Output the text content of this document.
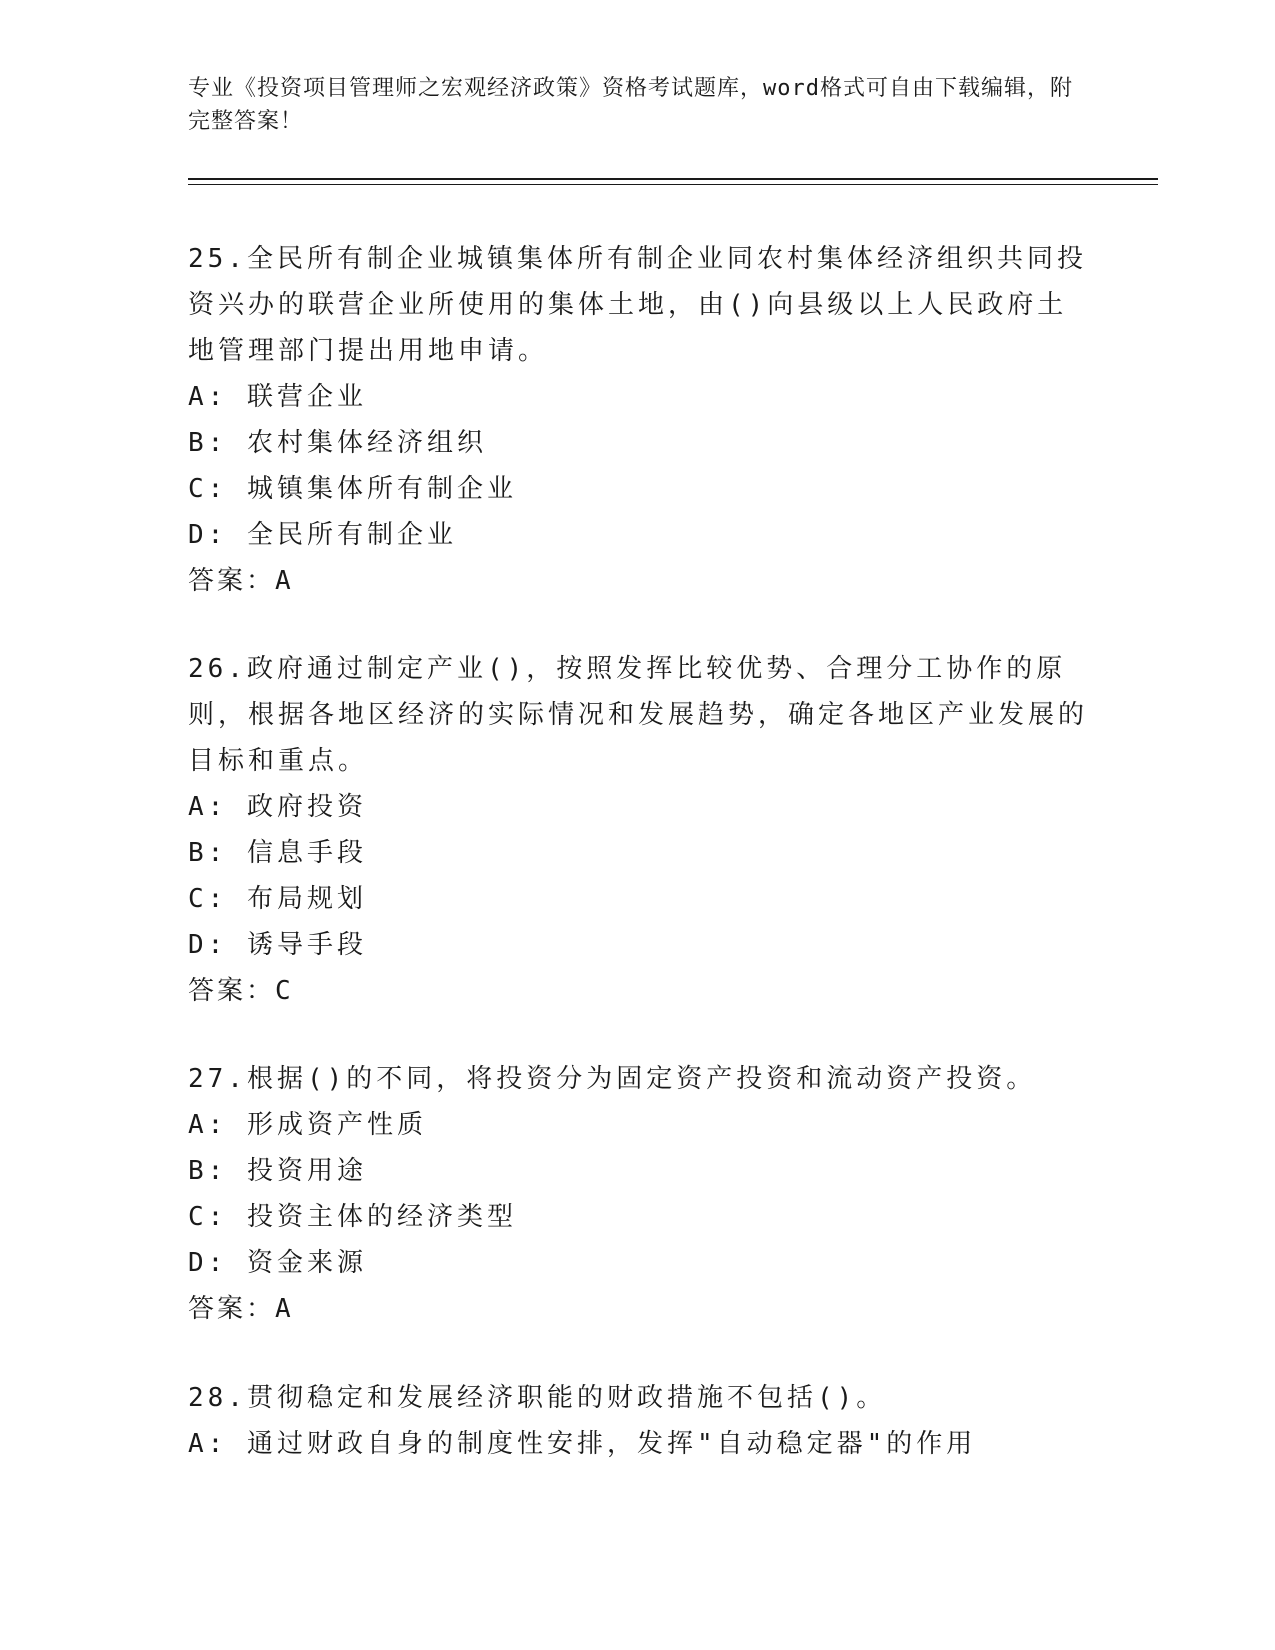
专业《投资项目管理师之宏观经济政策》资格考试题库，word格式可自由下载编辑，附完整答案！

25.全民所有制企业城镇集体所有制企业同农村集体经济组织共同投资兴办的联营企业所使用的集体土地，由()向县级以上人民政府土地管理部门提出用地申请。

A: 联营企业

B: 农村集体经济组织

C: 城镇集体所有制企业

D: 全民所有制企业

答案：A

26.政府通过制定产业()，按照发挥比较优势、合理分工协作的原则，根据各地区经济的实际情况和发展趋势，确定各地区产业发展的目标和重点。

A: 政府投资

B: 信息手段

C: 布局规划

D: 诱导手段

答案：C

27.根据()的不同，将投资分为固定资产投资和流动资产投资。

A: 形成资产性质

B: 投资用途

C: 投资主体的经济类型

D: 资金来源

答案：A

28.贯彻稳定和发展经济职能的财政措施不包括()。

A: 通过财政自身的制度性安排，发挥"自动稳定器"的作用
